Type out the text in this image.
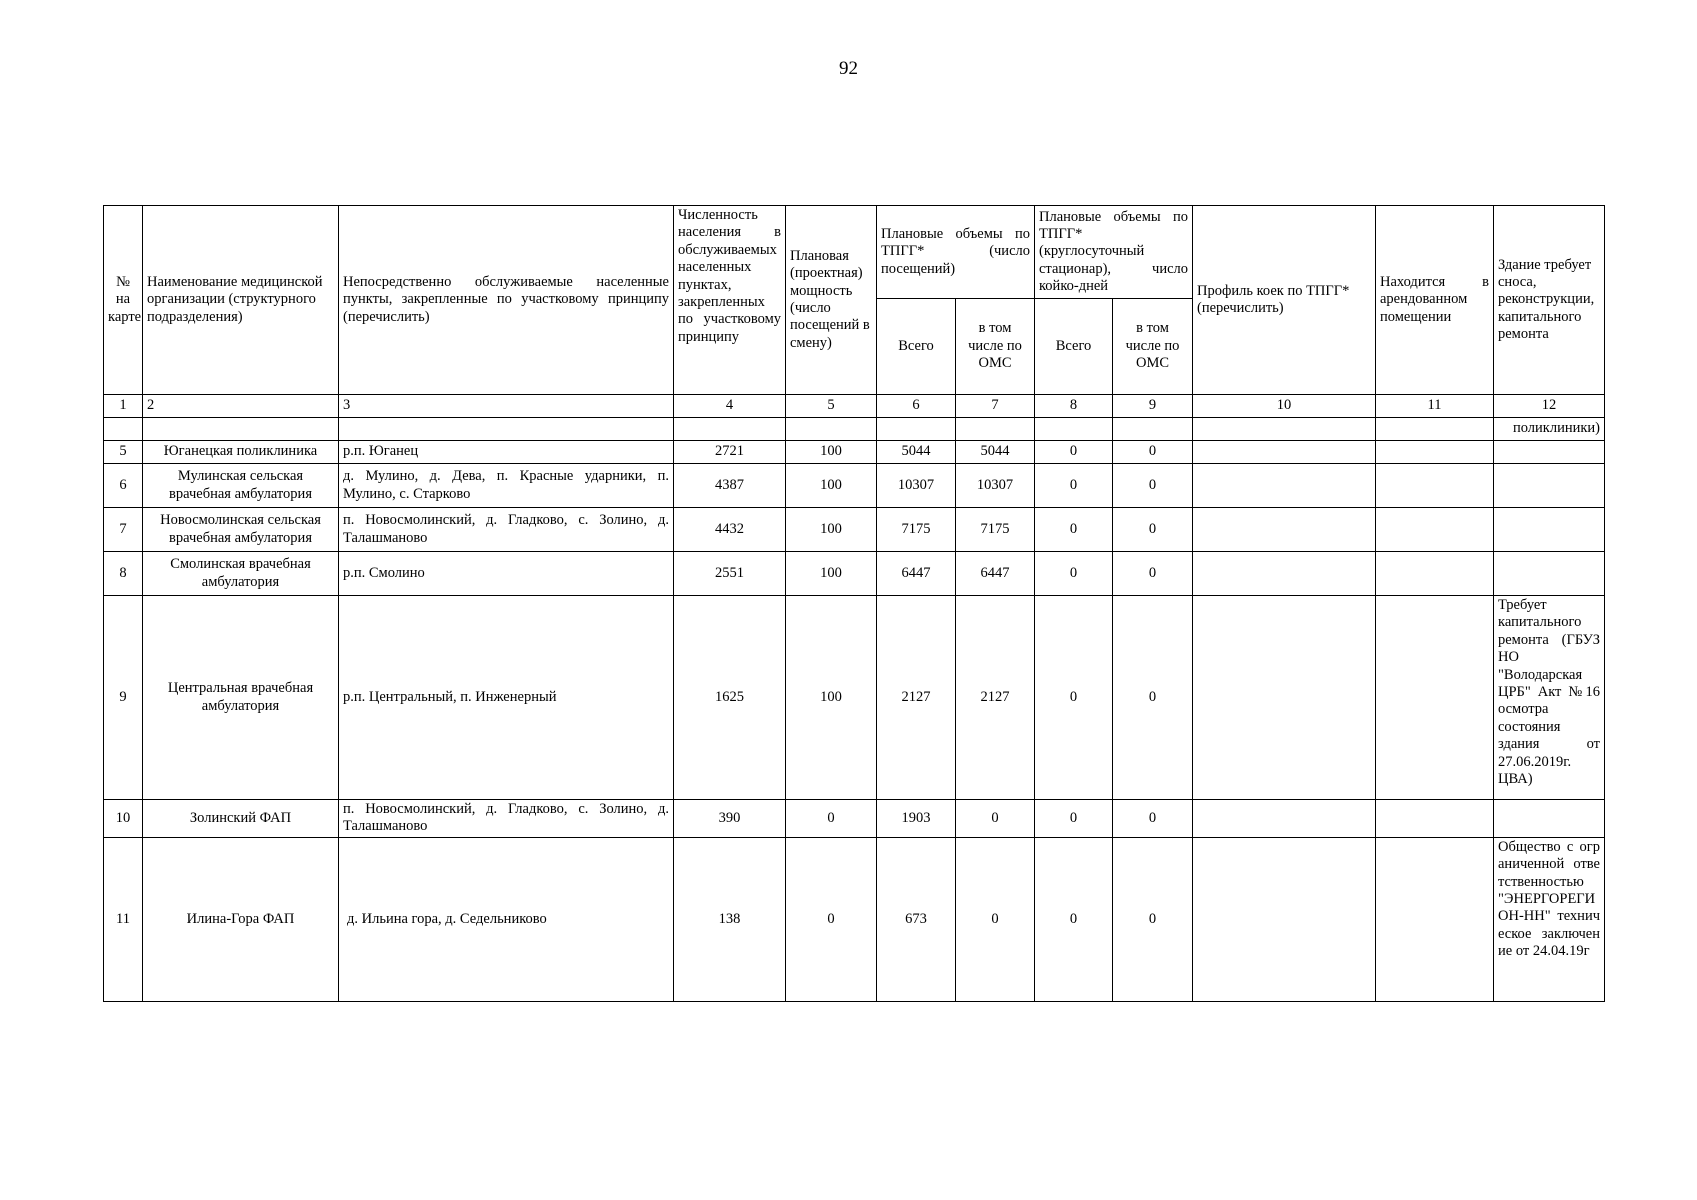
92
№ на карте	Наименование медицинской организации (структурного подразделения)	Непосредственно обслуживаемые населенные пункты, закрепленные по участковому принципу (перечислить)	Численность населения в обслуживаемых населенных пунктах, закрепленных по участковому принципу	Плановая (проектная) мощность (число посещений в смену)	Плановые объемы по ТПГГ* (число посещений)		Плановые объемы по ТПГГ* (круглосуточный стационар), число койко-дней		Профиль коек по ТПГГ* (перечислить)	Находится в арендованном помещении	Здание требует сноса, реконструкции, капитального ремонта
					Всего	в том числе по ОМС	Всего	в том числе по ОМС			
1	2	3	4	5	6	7	8	9	10	11	12
											поликлиники)
5	Юганецкая поликлиника	р.п. Юганец	2721	100	5044	5044	0	0			
6	Мулинская сельская врачебная амбулатория	д. Мулино, д. Дева, п. Красные ударники, п. Мулино, с. Старково	4387	100	10307	10307	0	0			
7	Новосмолинская сельская врачебная амбулатория	п. Новосмолинский, д. Гладково, с. Золино, д. Талашманово	4432	100	7175	7175	0	0			
8	Смолинская врачебная амбулатория	р.п. Смолино	2551	100	6447	6447	0	0			
9	Центральная врачебная амбулатория	р.п. Центральный, п. Инженерный	1625	100	2127	2127	0	0			Требует капитального ремонта (ГБУЗ НО "Володарская ЦРБ" Акт №16 осмотра состояния здания от 27.06.2019г. ЦВА)
10	Золинский ФАП	п. Новосмолинский, д. Гладково, с. Золино, д. Талашманово	390	0	1903	0	0	0			
11	Илина-Гора ФАП	д. Ильина гора, д. Седельниково	138	0	673	0	0	0			Общество с ограниченной ответственностью "ЭНЕРГОРЕГИОН-НН" техническое заключение от 24.04.19г
